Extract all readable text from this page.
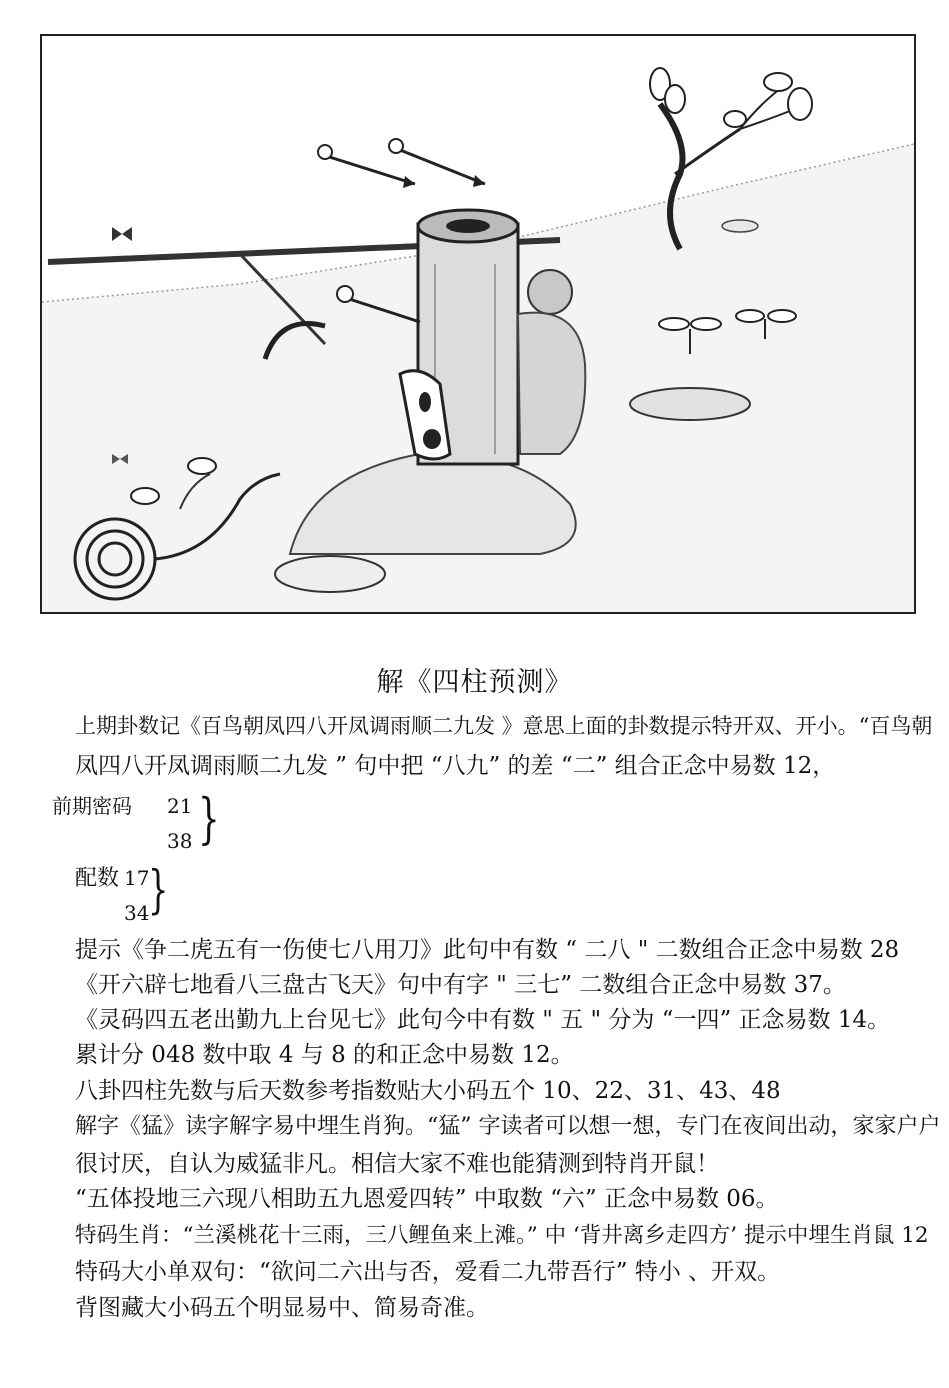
解《四柱预测》
上期卦数记《百鸟朝凤四八开凤调雨顺二九发 》意思上面的卦数提示特开双、开小。“百鸟朝
凤四八开凤调雨顺二九发 ” 句中把 “八九” 的差 “二” 组合正念中易数 12，
前期密码 21
38 }
配数 17
34
}
提示《争二虎五有一伤使七八用刀》此句中有数 “ 二八 " 二数组合正念中易数 28
《开六辟七地看八三盘古飞天》句中有字 " 三七” 二数组合正念中易数 37。
《灵码四五老出勤九上台见七》此句今中有数 " 五 " 分为 “一四” 正念易数 14。
累计分 048 数中取 4 与 8 的和正念中易数 12。
八卦四柱先数与后天数参考指数贴大小码五个 10、22、31、43、48
解字《猛》读字解字易中埋生肖狗。“猛” 字读者可以想一想，专门在夜间出动，家家户户
很讨厌，自认为威猛非凡。相信大家不难也能猜测到特肖开鼠！
“五体投地三六现八相助五九恩爱四转” 中取数 “六” 正念中易数 06。
特码生肖：“兰溪桃花十三雨，三八鲤鱼来上滩。” 中 ‘背井离乡走四方’ 提示中埋生肖鼠 12
特码大小单双句：“欲问二六出与否，爱看二九带吾行” 特小 、开双。
背图藏大小码五个明显易中、简易奇准。
